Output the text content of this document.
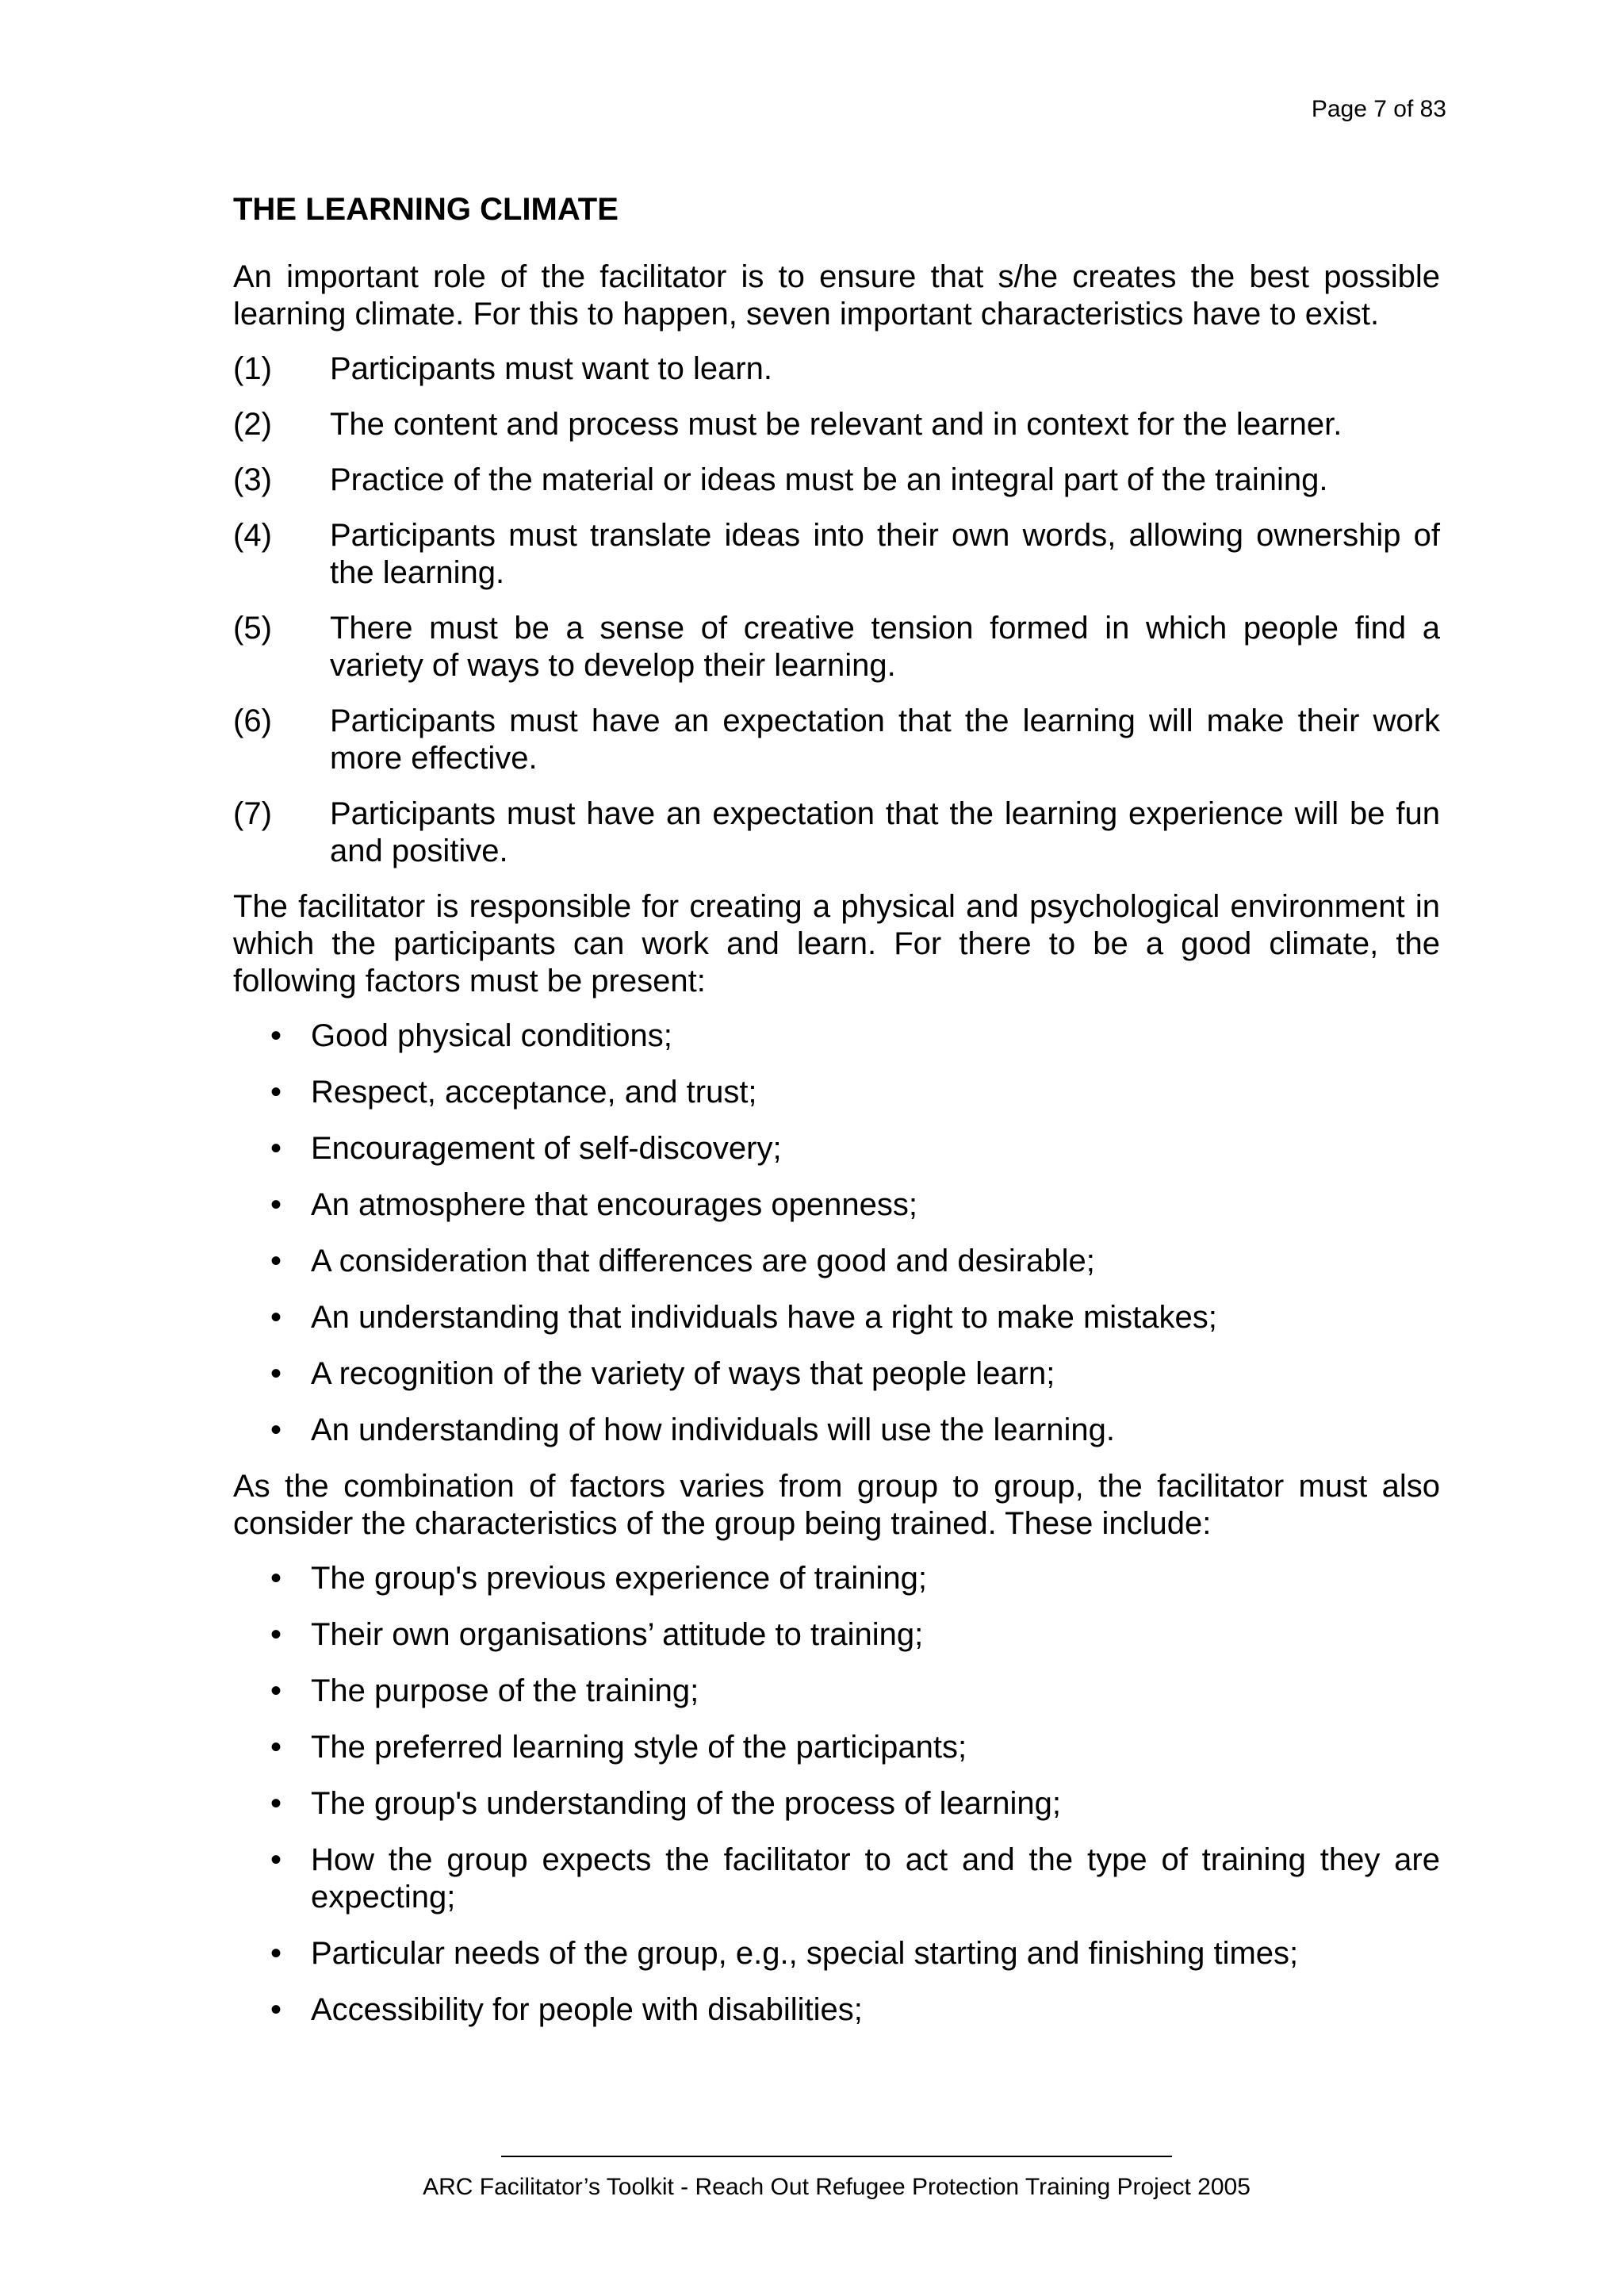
Page 7 of 83
THE LEARNING CLIMATE
An important role of the facilitator is to ensure that s/he creates the best possible learning climate. For this to happen, seven important characteristics have to exist.
(1)	Participants must want to learn.
(2)	The content and process must be relevant and in context for the learner.
(3)	Practice of the material or ideas must be an integral part of the training.
(4)	Participants must translate ideas into their own words, allowing ownership of the learning.
(5)	There must be a sense of creative tension formed in which people find a variety of ways to develop their learning.
(6)	Participants must have an expectation that the learning will make their work more effective.
(7)	Participants must have an expectation that the learning experience will be fun and positive.
The facilitator is responsible for creating a physical and psychological environment in which the participants can work and learn. For there to be a good climate, the following factors must be present:
• Good physical conditions;
• Respect, acceptance, and trust;
• Encouragement of self-discovery;
• An atmosphere that encourages openness;
• A consideration that differences are good and desirable;
• An understanding that individuals have a right to make mistakes;
• A recognition of the variety of ways that people learn;
• An understanding of how individuals will use the learning.
As the combination of factors varies from group to group, the facilitator must also consider the characteristics of the group being trained. These include:
• The group's previous experience of training;
• Their own organisations’ attitude to training;
• The purpose of the training;
• The preferred learning style of the participants;
• The group's understanding of the process of learning;
• How the group expects the facilitator to act and the type of training they are expecting;
• Particular needs of the group, e.g., special starting and finishing times;
• Accessibility for people with disabilities;
ARC Facilitator’s Toolkit - Reach Out Refugee Protection Training Project 2005
